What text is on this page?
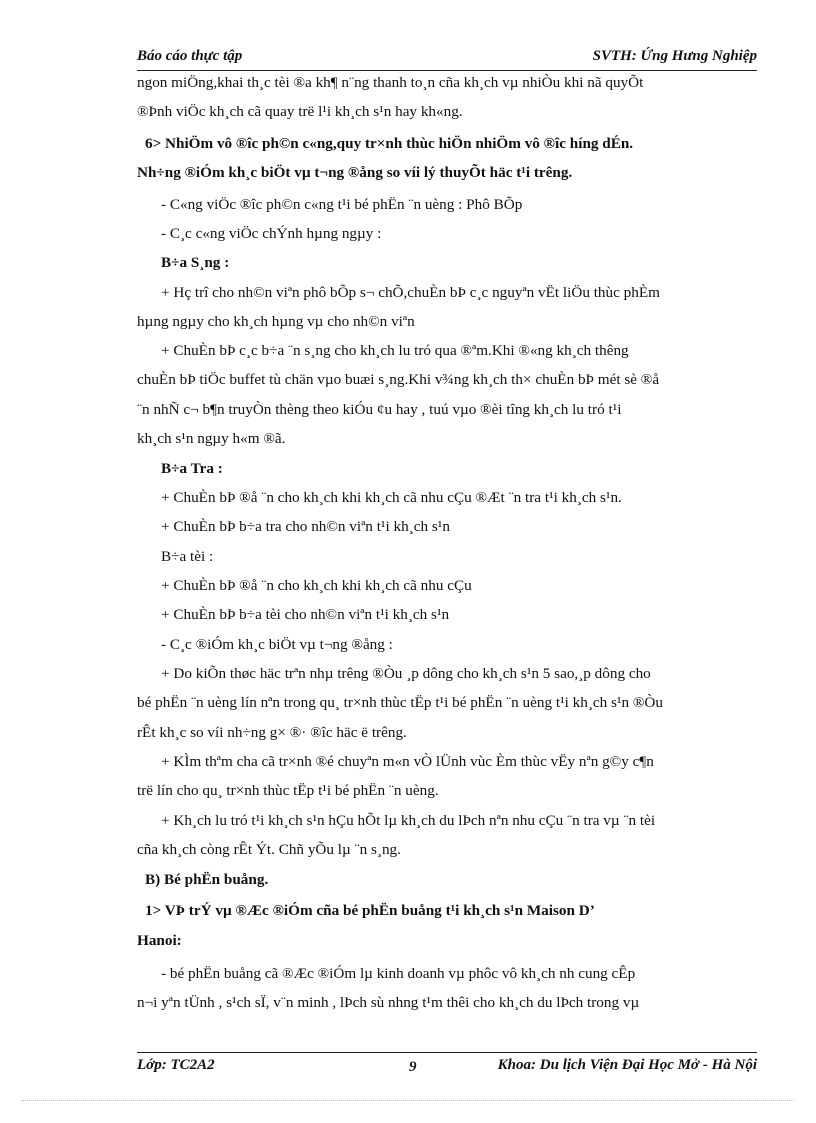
Báo cáo thực tập	SVTH: Ứng Hưng Nghiệp
ngon miÖng,khai th¸c tèi ®a kh¶ n¨ng thanh to¸n cña kh¸ch vµ nhiÒu khi nã quyÕt
®Þnh viÖc kh¸ch cã quay trë l¹i kh¸ch s¹n hay kh«ng.
6> NhiÖm vô ®îc ph©n c«ng,quy tr×nh thùc hiÖn nhiÖm vô ®îc híng dÉn.
Nh÷ng ®iÓm kh¸c biÖt vµ t¬ng ®ång so víi lý thuyÕt häc t¹i trêng.
- C«ng viÖc ®îc ph©n c«ng t¹i bé phËn ¨n uèng : Phô BÕp
- C¸c c«ng viÖc chÝnh hµng ngµy :
B÷a S¸ng :
+ Hç trî cho nh©n viªn phô bÕp s¬ chÕ,chuÈn bÞ c¸c nguyªn vËt liÖu thùc phÈm
hµng ngµy cho kh¸ch hµng vµ cho nh©n viªn
+ ChuÈn bÞ c¸c b÷a ¨n s¸ng cho kh¸ch lu tró qua ®ªm.Khi ®«ng kh¸ch thêng
chuÈn bÞ tiÖc buffet tù chän vµo buæi s¸ng.Khi v¾ng kh¸ch th× chuÈn bÞ mét sè ®å
¨n nhÑ c¬ b¶n truyÒn thèng theo kiÓu ¢u hay , tuú vµo ®èi tîng kh¸ch lu tró t¹i
kh¸ch s¹n ngµy h«m ®ã.
B÷a Tra :
+ ChuÈn bÞ ®å ¨n cho kh¸ch khi kh¸ch cã nhu cÇu ®Æt ¨n tra t¹i kh¸ch s¹n.
+ ChuÈn bÞ b÷a tra cho nh©n viªn t¹i kh¸ch s¹n
B÷a tèi :
+ ChuÈn bÞ ®å ¨n cho kh¸ch khi kh¸ch cã nhu cÇu
+ ChuÈn bÞ b÷a tèi cho nh©n viªn t¹i kh¸ch s¹n
- C¸c ®iÓm kh¸c biÖt vµ t¬ng ®ång :
+ Do kiÕn thøc häc trªn nhµ trêng ®Òu ¸p dông cho kh¸ch s¹n 5 sao,¸p dông cho
bé phËn ¨n uèng lín nªn trong qu¸ tr×nh thùc tËp t¹i bé phËn ¨n uèng t¹i kh¸ch s¹n ®Òu
rÊt kh¸c so víi nh÷ng g× ®· ®îc häc ë trêng.
+ KÌm thªm cha cã tr×nh ®é chuyªn m«n vÒ lÜnh vùc Èm thùc vËy nªn g©y c¶n
trë lín cho qu¸ tr×nh thùc tËp t¹i bé phËn ¨n uèng.
+ Kh¸ch lu tró t¹i kh¸ch s¹n hÇu hÕt lµ kh¸ch du lÞch nªn nhu cÇu ¨n tra vµ ¨n tèi
cña kh¸ch còng rÊt Ýt. Chñ yÕu lµ ¨n s¸ng.
B) Bé phËn buång.
1> VÞ trÝ vµ ®Æc ®iÓm cña bé phËn buång t¹i kh¸ch s¹n Maison D’
Hanoi:
- bé phËn buång cã ®Æc ®iÓm lµ kinh doanh vµ phôc vô kh¸ch nh cung cÊp
n¬i yªn tÜnh , s¹ch sÏ, v¨n minh , lÞch sù nhng t¹m thêi cho kh¸ch du lÞch trong vµ
Lớp: TC2A2	9	Khoa: Du lịch Viện Đại Học Mở - Hà Nội
